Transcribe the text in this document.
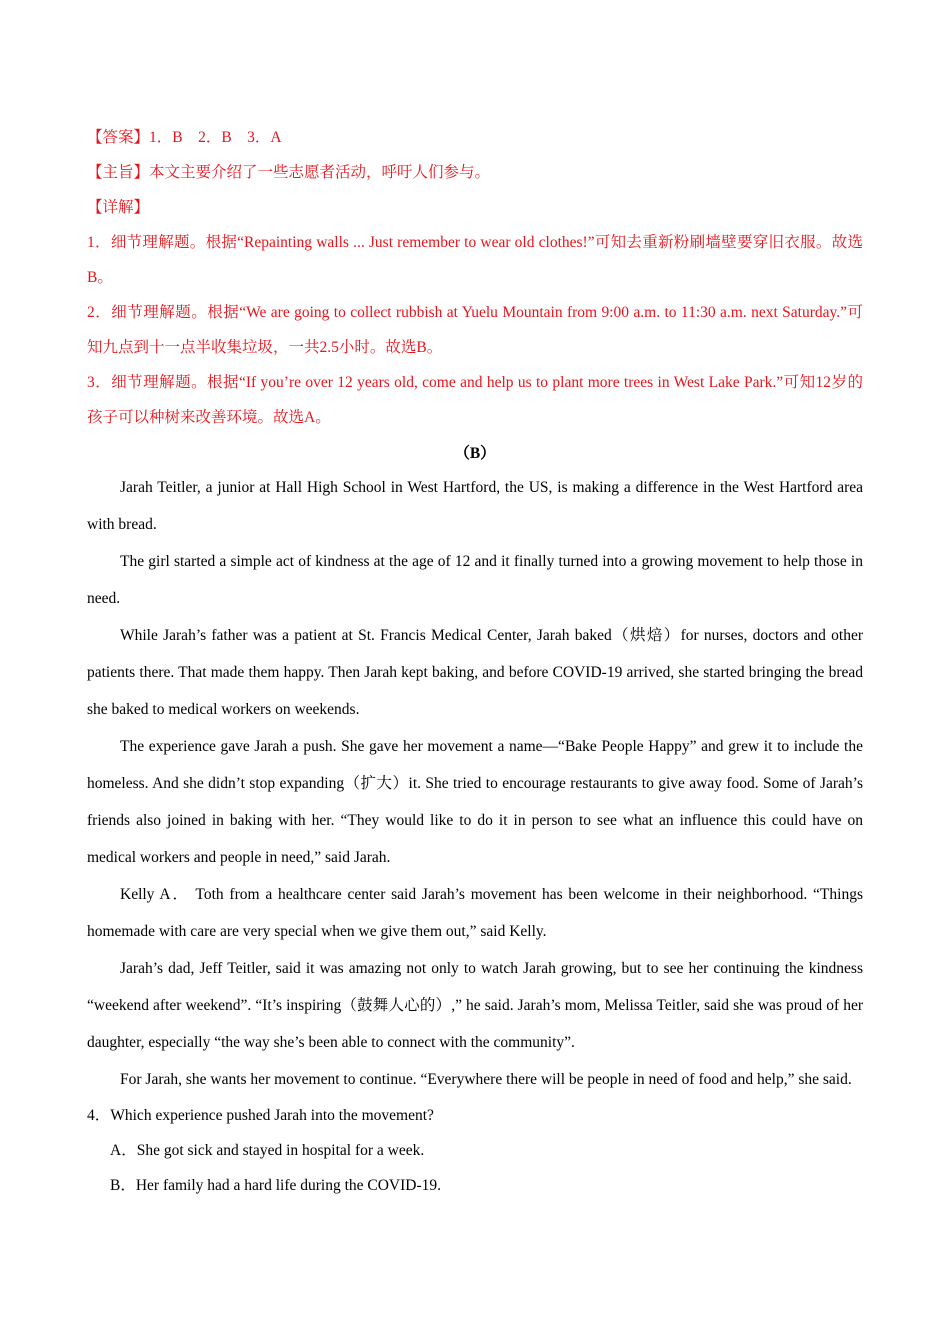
【答案】1．B　2．B　3．A

【主旨】本文主要介绍了一些志愿者活动，呼吁人们参与。

【详解】

1．细节理解题。根据“Repainting walls ... Just remember to wear old clothes!”可知去重新粉刷墙壁要穿旧衣服。故选B。

2．细节理解题。根据“We are going to collect rubbish at Yuelu Mountain from 9:00 a.m. to 11:30 a.m. next Saturday.”可知九点到十一点半收集垃圾，一共2.5小时。故选B。

3．细节理解题。根据“If you’re over 12 years old, come and help us to plant more trees in West Lake Park.”可知12岁的孩子可以种树来改善环境。故选A。

（B）

Jarah Teitler, a junior at Hall High School in West Hartford, the US, is making a difference in the West Hartford area with bread.

The girl started a simple act of kindness at the age of 12 and it finally turned into a growing movement to help those in need.

While Jarah’s father was a patient at St. Francis Medical Center, Jarah baked（烘焙）for nurses, doctors and other patients there. That made them happy. Then Jarah kept baking, and before COVID-19 arrived, she started bringing the bread she baked to medical workers on weekends.

The experience gave Jarah a push. She gave her movement a name—“Bake People Happy” and grew it to include the homeless. And she didn’t stop expanding（扩大）it. She tried to encourage restaurants to give away food. Some of Jarah’s friends also joined in baking with her. “They would like to do it in person to see what an influence this could have on medical workers and people in need,” said Jarah.

Kelly A． Toth from a healthcare center said Jarah’s movement has been welcome in their neighborhood. “Things homemade with care are very special when we give them out,” said Kelly.

Jarah’s dad, Jeff Teitler, said it was amazing not only to watch Jarah growing, but to see her continuing the kindness “weekend after weekend”. “It’s inspiring（鼓舞人心的）,” he said. Jarah’s mom, Melissa Teitler, said she was proud of her daughter, especially “the way she’s been able to connect with the community”.

For Jarah, she wants her movement to continue. “Everywhere there will be people in need of food and help,” she said.

4．Which experience pushed Jarah into the movement?

A．She got sick and stayed in hospital for a week.

B．Her family had a hard life during the COVID-19.
